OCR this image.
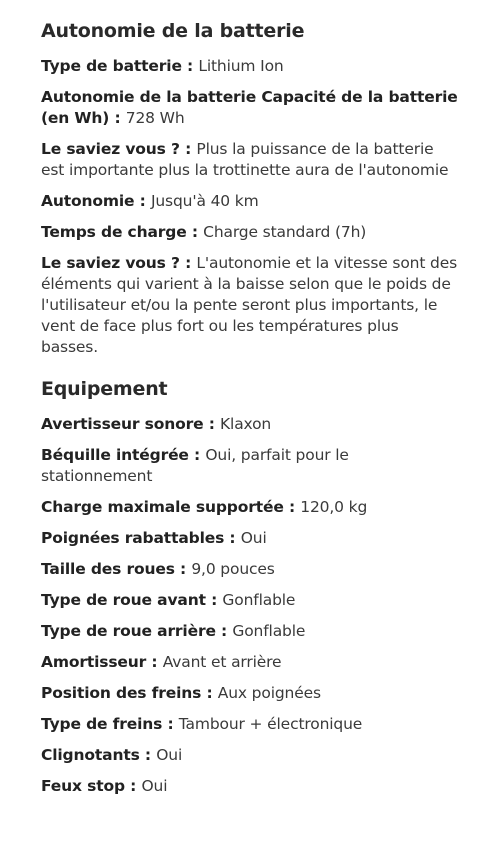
Autonomie de la batterie

Type de batterie : Lithium Ion

Autonomie de la batterie Capacité de la batterie (en Wh) : 728 Wh

Le saviez vous ? : Plus la puissance de la batterie est importante plus la trottinette aura de l'autonomie

Autonomie : Jusqu'à 40 km

Temps de charge : Charge standard (7h)

Le saviez vous ? : L'autonomie et la vitesse sont des éléments qui varient à la baisse selon que le poids de l'utilisateur et/ou la pente seront plus importants, le vent de face plus fort ou les températures plus basses.

Equipement

Avertisseur sonore : Klaxon

Béquille intégrée : Oui, parfait pour le stationnement

Charge maximale supportée : 120,0 kg

Poignées rabattables : Oui

Taille des roues : 9,0 pouces

Type de roue avant : Gonflable

Type de roue arrière : Gonflable

Amortisseur : Avant et arrière

Position des freins : Aux poignées

Type de freins : Tambour + électronique

Clignotants : Oui

Feux stop : Oui
